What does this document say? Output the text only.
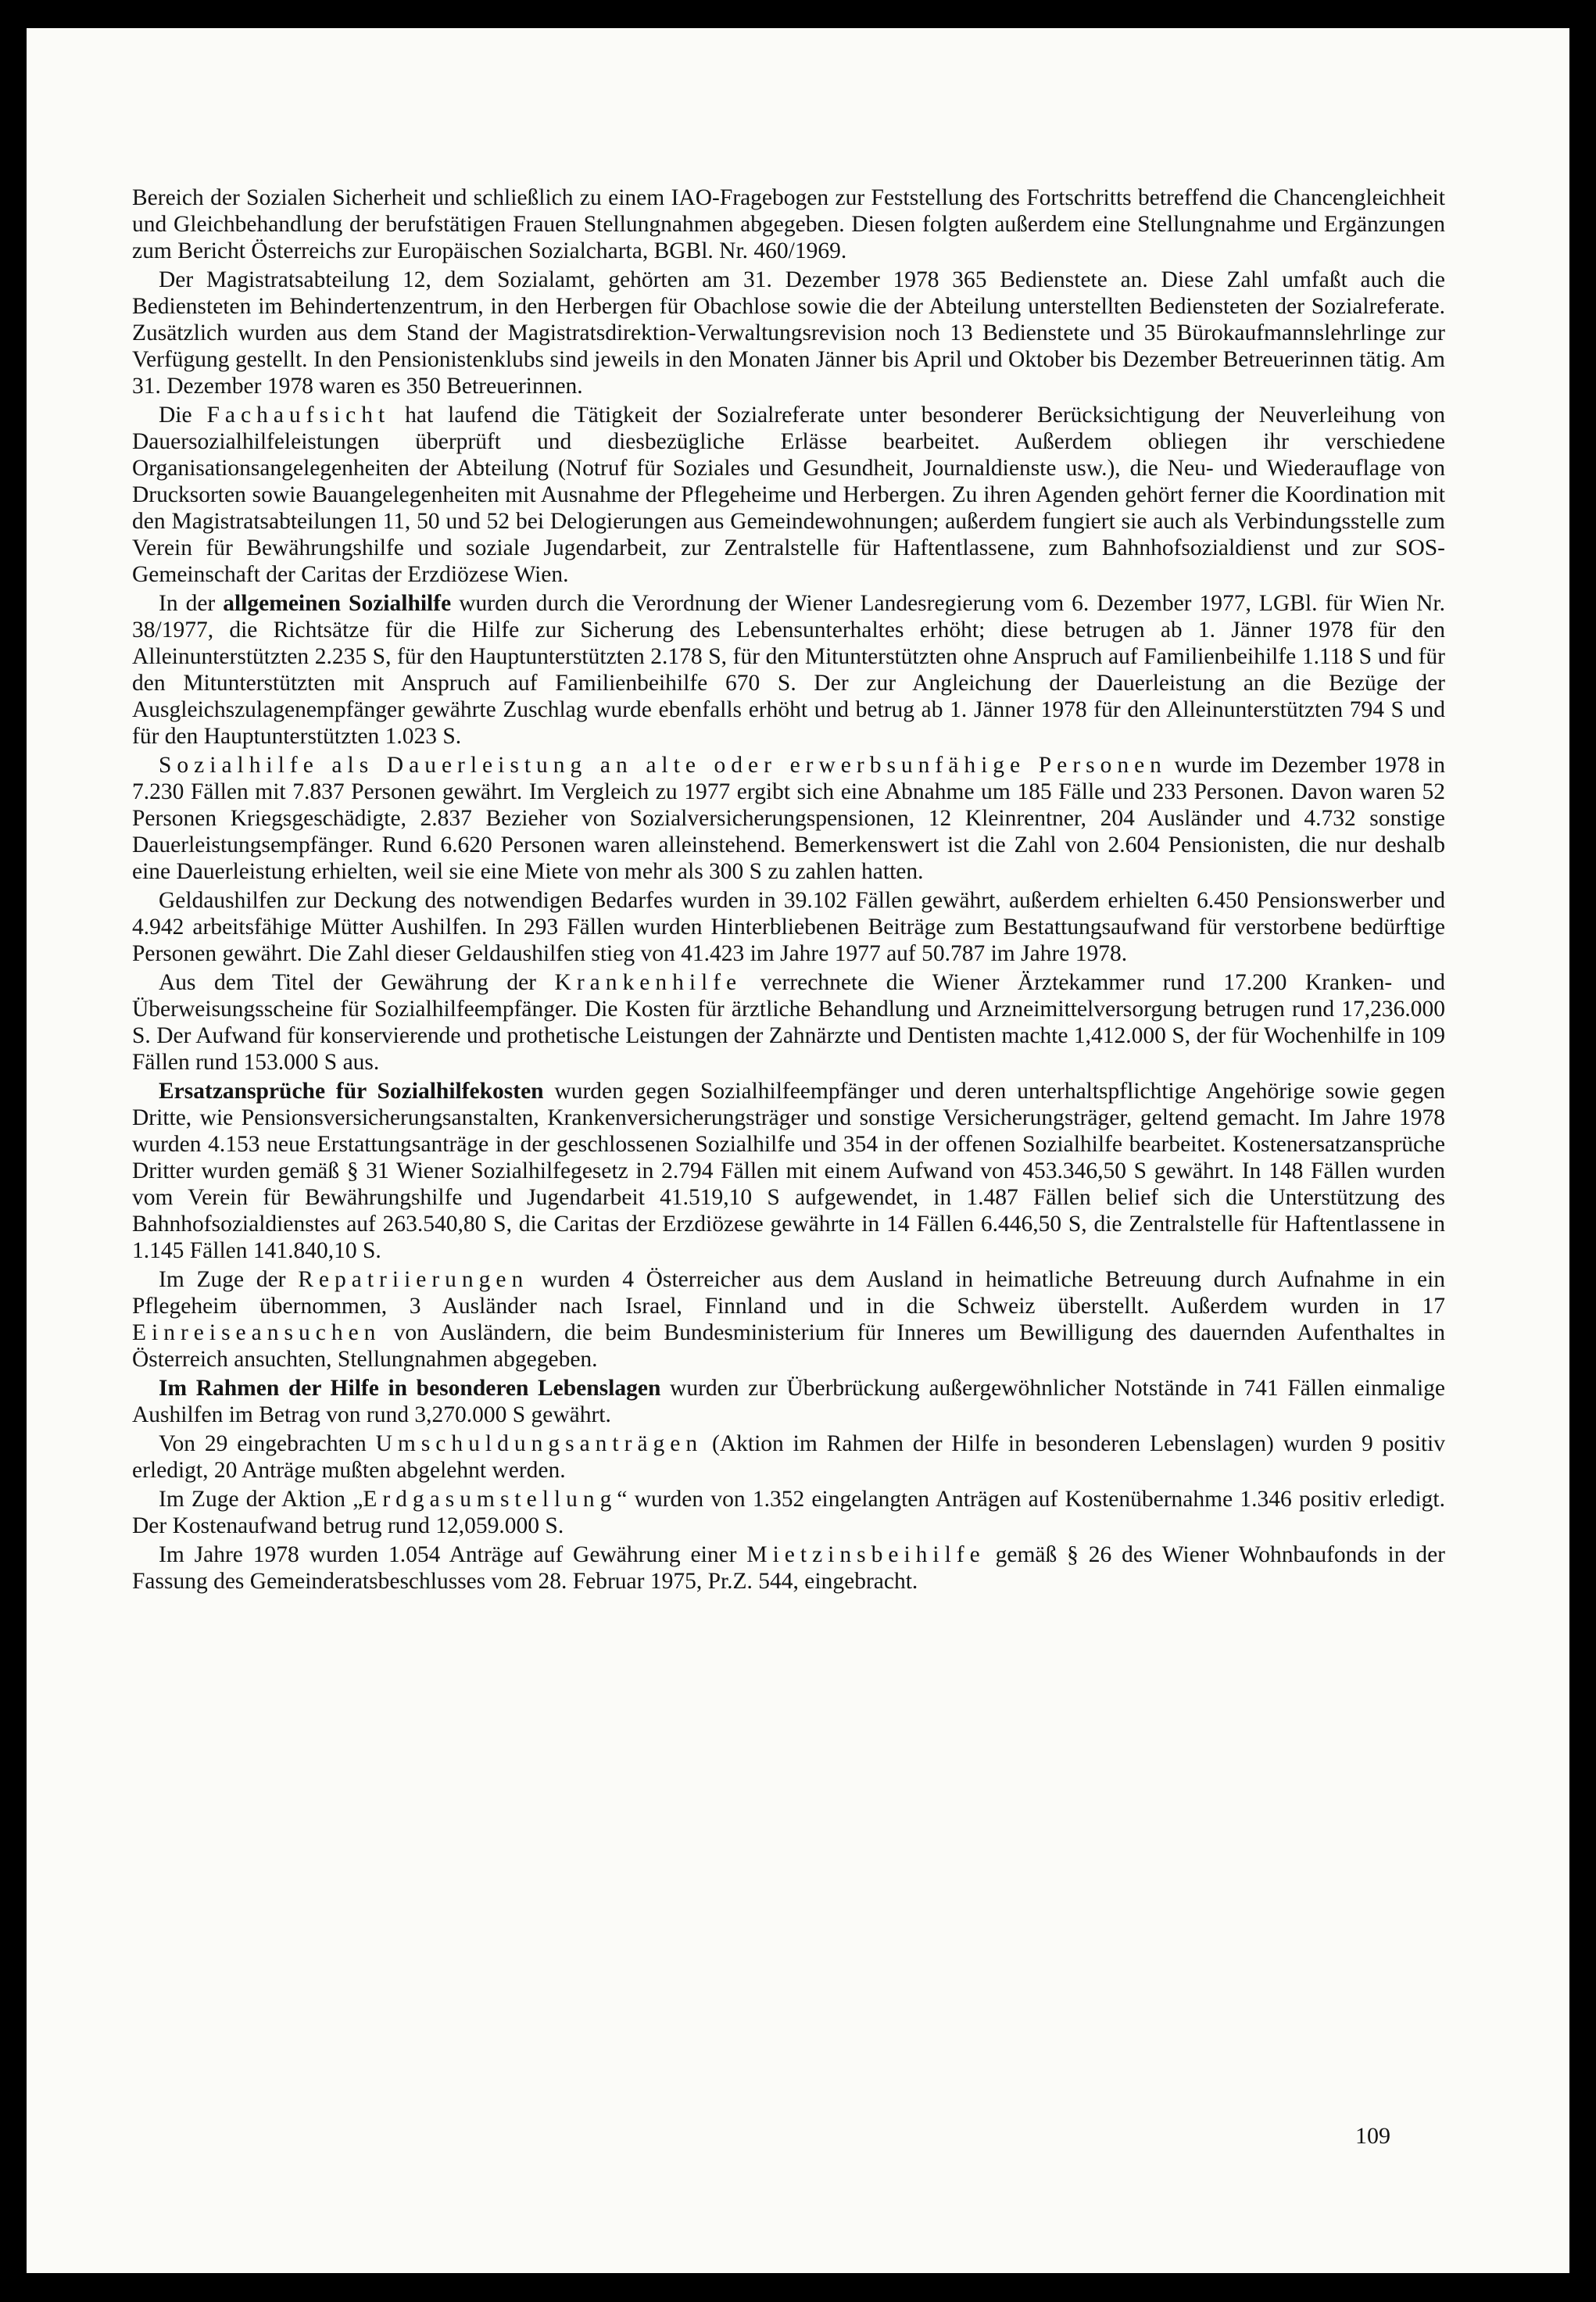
Bereich der Sozialen Sicherheit und schließlich zu einem IAO-Fragebogen zur Feststellung des Fortschritts betreffend die Chancengleichheit und Gleichbehandlung der berufstätigen Frauen Stellungnahmen abgegeben. Diesen folgten außerdem eine Stellungnahme und Ergänzungen zum Bericht Österreichs zur Europäischen Sozialcharta, BGBl. Nr. 460/1969.

Der Magistratsabteilung 12, dem Sozialamt, gehörten am 31. Dezember 1978 365 Bedienstete an. Diese Zahl umfaßt auch die Bediensteten im Behindertenzentrum, in den Herbergen für Obachlose sowie die der Abteilung unterstellten Bediensteten der Sozialreferate. Zusätzlich wurden aus dem Stand der Magistratsdirektion-Verwaltungsrevision noch 13 Bedienstete und 35 Bürokaufmannslehrlinge zur Verfügung gestellt. In den Pensionistenklubs sind jeweils in den Monaten Jänner bis April und Oktober bis Dezember Betreuerinnen tätig. Am 31. Dezember 1978 waren es 350 Betreuerinnen.

Die Fachaufsicht hat laufend die Tätigkeit der Sozialreferate unter besonderer Berücksichtigung der Neuverleihung von Dauersozialhilfeleistungen überprüft und diesbezügliche Erlässe bearbeitet. Außerdem obliegen ihr verschiedene Organisationsangelegenheiten der Abteilung (Notruf für Soziales und Gesundheit, Journaldienste usw.), die Neu- und Wiederauflage von Drucksorten sowie Bauangelegenheiten mit Ausnahme der Pflegeheime und Herbergen. Zu ihren Agenden gehört ferner die Koordination mit den Magistratsabteilungen 11, 50 und 52 bei Delogierungen aus Gemeindewohnungen; außerdem fungiert sie auch als Verbindungsstelle zum Verein für Bewährungshilfe und soziale Jugendarbeit, zur Zentralstelle für Haftentlassene, zum Bahnhofsozialdienst und zur SOS-Gemeinschaft der Caritas der Erzdiözese Wien.

In der allgemeinen Sozialhilfe wurden durch die Verordnung der Wiener Landesregierung vom 6. Dezember 1977, LGBl. für Wien Nr. 38/1977, die Richtsätze für die Hilfe zur Sicherung des Lebensunterhaltes erhöht; diese betrugen ab 1. Jänner 1978 für den Alleinunterstützten 2.235 S, für den Hauptunterstützten 2.178 S, für den Mitunterstützten ohne Anspruch auf Familienbeihilfe 1.118 S und für den Mitunterstützten mit Anspruch auf Familienbeihilfe 670 S. Der zur Angleichung der Dauerleistung an die Bezüge der Ausgleichszulagenempfänger gewährte Zuschlag wurde ebenfalls erhöht und betrug ab 1. Jänner 1978 für den Alleinunterstützten 794 S und für den Hauptunterstützten 1.023 S.

Sozialhilfe als Dauerleistung an alte oder erwerbsunfähige Personen wurde im Dezember 1978 in 7.230 Fällen mit 7.837 Personen gewährt. Im Vergleich zu 1977 ergibt sich eine Abnahme um 185 Fälle und 233 Personen. Davon waren 52 Personen Kriegsgeschädigte, 2.837 Bezieher von Sozialversicherungspensionen, 12 Kleinrentner, 204 Ausländer und 4.732 sonstige Dauerleistungsempfänger. Rund 6.620 Personen waren alleinstehend. Bemerkenswert ist die Zahl von 2.604 Pensionisten, die nur deshalb eine Dauerleistung erhielten, weil sie eine Miete von mehr als 300 S zu zahlen hatten.

Geldaushilfen zur Deckung des notwendigen Bedarfes wurden in 39.102 Fällen gewährt, außerdem erhielten 6.450 Pensionswerber und 4.942 arbeitsfähige Mütter Aushilfen. In 293 Fällen wurden Hinterbliebenen Beiträge zum Bestattungsaufwand für verstorbene bedürftige Personen gewährt. Die Zahl dieser Geldaushilfen stieg von 41.423 im Jahre 1977 auf 50.787 im Jahre 1978.

Aus dem Titel der Gewährung der Krankenhilfe verrechnete die Wiener Ärztekammer rund 17.200 Kranken- und Überweisungsscheine für Sozialhilfeempfänger. Die Kosten für ärztliche Behandlung und Arzneimittelversorgung betrugen rund 17,236.000 S. Der Aufwand für konservierende und prothetische Leistungen der Zahnärzte und Dentisten machte 1,412.000 S, der für Wochenhilfe in 109 Fällen rund 153.000 S aus.

Ersatzansprüche für Sozialhilfekosten wurden gegen Sozialhilfeempfänger und deren unterhaltspflichtige Angehörige sowie gegen Dritte, wie Pensionsversicherungsanstalten, Krankenversicherungsträger und sonstige Versicherungsträger, geltend gemacht. Im Jahre 1978 wurden 4.153 neue Erstattungsanträge in der geschlossenen Sozialhilfe und 354 in der offenen Sozialhilfe bearbeitet. Kostenersatzansprüche Dritter wurden gemäß § 31 Wiener Sozialhilfegesetz in 2.794 Fällen mit einem Aufwand von 453.346,50 S gewährt. In 148 Fällen wurden vom Verein für Bewährungshilfe und Jugendarbeit 41.519,10 S aufgewendet, in 1.487 Fällen belief sich die Unterstützung des Bahnhofsozialdienstes auf 263.540,80 S, die Caritas der Erzdiözese gewährte in 14 Fällen 6.446,50 S, die Zentralstelle für Haftentlassene in 1.145 Fällen 141.840,10 S.

Im Zuge der Repatriierungen wurden 4 Österreicher aus dem Ausland in heimatliche Betreuung durch Aufnahme in ein Pflegeheim übernommen, 3 Ausländer nach Israel, Finnland und in die Schweiz überstellt. Außerdem wurden in 17 Einreiseansuchen von Ausländern, die beim Bundesministerium für Inneres um Bewilligung des dauernden Aufenthaltes in Österreich ansuchten, Stellungnahmen abgegeben.

Im Rahmen der Hilfe in besonderen Lebenslagen wurden zur Überbrückung außergewöhnlicher Notstände in 741 Fällen einmalige Aushilfen im Betrag von rund 3,270.000 S gewährt.

Von 29 eingebrachten Umschuldungsanträgen (Aktion im Rahmen der Hilfe in besonderen Lebenslagen) wurden 9 positiv erledigt, 20 Anträge mußten abgelehnt werden.

Im Zuge der Aktion „Erdgasumstellung“ wurden von 1.352 eingelangten Anträgen auf Kostenübernahme 1.346 positiv erledigt. Der Kostenaufwand betrug rund 12,059.000 S.

Im Jahre 1978 wurden 1.054 Anträge auf Gewährung einer Mietzinsbeihilfe gemäß § 26 des Wiener Wohnbaufonds in der Fassung des Gemeinderatsbeschlusses vom 28. Februar 1975, Pr.Z. 544, eingebracht.

109
